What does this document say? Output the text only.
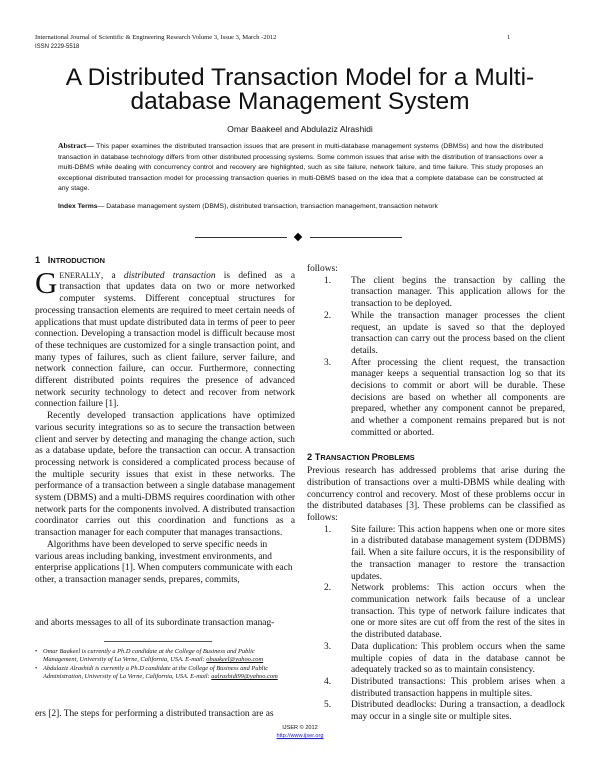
International Journal of Scientific & Engineering Research Volume 3, Issue 3, March -2012
ISSN 2229-5518
1
A Distributed Transaction Model for a Multi-
database Management System
Omar Baakeel and Abdulaziz Alrashidi
Abstract— This paper examines the distributed transaction issues that are present in multi-database management systems (DBMSs) and how the distributed transaction in database technology differs from other distributed processing systems. Some common issues that arise with the distribution of transactions over a multi-DBMS while dealing with concurrency control and recovery are highlighted, such as site failure, network failure, and time failure. This study proposes an exceptional distributed transaction model for processing transaction queries in multi-DBMS based on the idea that a complete database can be constructed at any stage.
Index Terms— Database management system (DBMS), distributed transaction, transaction management, transaction network
1 INTRODUCTION

GENERALLY, a distributed transaction is defined as a transaction that updates data on two or more networked computer systems. Different conceptual structures for processing transaction elements are required to meet certain needs of applications that must update distributed data in terms of peer to peer connection. Developing a transaction model is difficult because most of these techniques are customized for a single transaction point, and many types of failures, such as client failure, server failure, and network connection failure, can occur. Furthermore, connecting different distributed points requires the presence of advanced network security technology to detect and recover from network connection failure [1].

Recently developed transaction applications have optimized various security integrations so as to secure the transaction between client and server by detecting and managing the change action, such as a database update, before the transaction can occur. A transaction processing network is considered a complicated process because of the multiple security issues that exist in these networks. The performance of a transaction between a single database management system (DBMS) and a multi-DBMS requires coordination with other network parts for the components involved. A distributed transaction coordinator carries out this coordination and functions as a transaction manager for each computer that manages transactions.

Algorithms have been developed to serve specific needs in various areas including banking, investment environments, and enterprise applications [1]. When computers communicate with each other, a transaction manager sends, prepares, commits,

and aborts messages to all of its subordinate transaction manag-
• Omar Baakeel is currently a Ph.D candidate at the College of Business and Public Management, University of La Verne, California, USA. E-mail: obaakeel@yahoo.com
• Abdulaziz Alrashidi is currently a Ph.D candidate at the College of Business and Public Administration, University of La Verne, California, USA. E-mail: aalrashidi99@yahoo.com
ers [2]. The steps for performing a distributed transaction are as

follows:

1. The client begins the transaction by calling the transaction manager. This application allows for the transaction to be deployed.
2. While the transaction manager processes the client request, an update is saved so that the deployed transaction can carry out the process based on the client details.
3. After processing the client request, the transaction manager keeps a sequential transaction log so that its decisions to commit or abort will be durable. These decisions are based on whether all components are prepared, whether any component cannot be prepared, and whether a component remains prepared but is not committed or aborted.
2 TRANSACTION PROBLEMS

Previous research has addressed problems that arise during the distribution of transactions over a multi-DBMS while dealing with concurrency control and recovery. Most of these problems occur in the distributed databases [3]. These problems can be classified as follows:

1. Site failure: This action happens when one or more sites in a distributed database management system (DDBMS) fail. When a site failure occurs, it is the responsibility of the transaction manager to restore the transaction updates.
2. Network problems: This action occurs when the communication network fails because of a unclear transaction. This type of network failure indicates that one or more sites are cut off from the rest of the sites in the distributed database.
3. Data duplication: This problem occurs when the same multiple copies of data in the database cannot be adequately tracked so as to maintain consistency.
4. Distributed transactions: This problem arises when a distributed transaction happens in multiple sites.
5. Distributed deadlocks: During a transaction, a deadlock may occur in a single site or multiple sites.
IJSER © 2012
http://www.ijser.org
